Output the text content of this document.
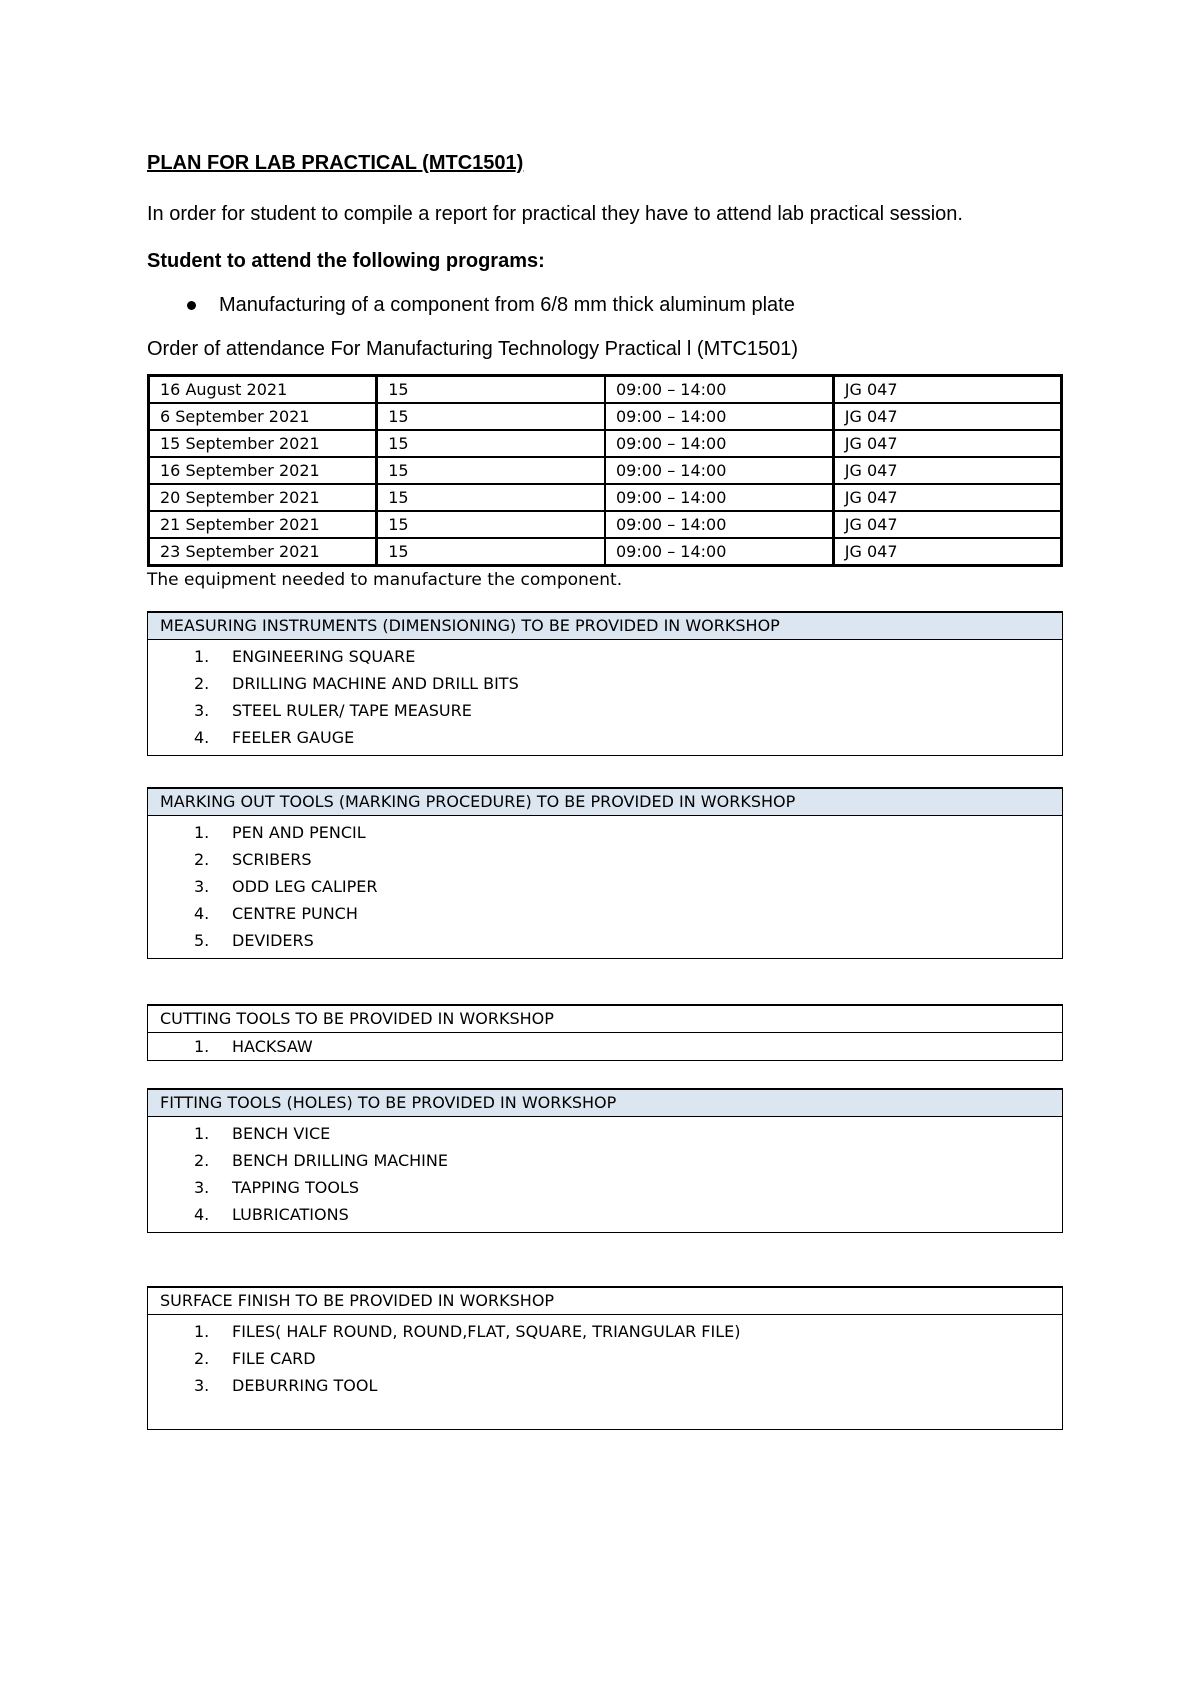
PLAN FOR LAB PRACTICAL (MTC1501)
In order for student to compile a report for practical they have to attend lab practical session.
Student to attend the following programs:
Manufacturing of a component from 6/8 mm thick aluminum plate
Order of attendance For Manufacturing Technology Practical l (MTC1501)
16 August 2021	15	09:00 – 14:00	JG 047
6 September 2021	15	09:00 – 14:00	JG 047
15 September 2021	15	09:00 – 14:00	JG 047
16 September 2021	15	09:00 – 14:00	JG 047
20 September 2021	15	09:00 – 14:00	JG 047
21 September 2021	15	09:00 – 14:00	JG 047
23 September 2021	15	09:00 – 14:00	JG 047
The equipment needed to manufacture the component.
MEASURING INSTRUMENTS (DIMENSIONING) TO BE PROVIDED IN WORKSHOP
1. ENGINEERING SQUARE
2. DRILLING MACHINE AND DRILL BITS
3. STEEL RULER/ TAPE MEASURE
4. FEELER GAUGE
MARKING OUT TOOLS (MARKING PROCEDURE) TO BE PROVIDED IN WORKSHOP
1. PEN AND PENCIL
2. SCRIBERS
3. ODD LEG CALIPER
4. CENTRE PUNCH
5. DEVIDERS
CUTTING TOOLS TO BE PROVIDED IN WORKSHOP
1. HACKSAW
FITTING TOOLS (HOLES) TO BE PROVIDED IN WORKSHOP
1. BENCH VICE
2. BENCH DRILLING MACHINE
3. TAPPING TOOLS
4. LUBRICATIONS
SURFACE FINISH TO BE PROVIDED IN WORKSHOP
1. FILES( HALF ROUND, ROUND,FLAT, SQUARE, TRIANGULAR FILE)
2. FILE CARD
3. DEBURRING TOOL
